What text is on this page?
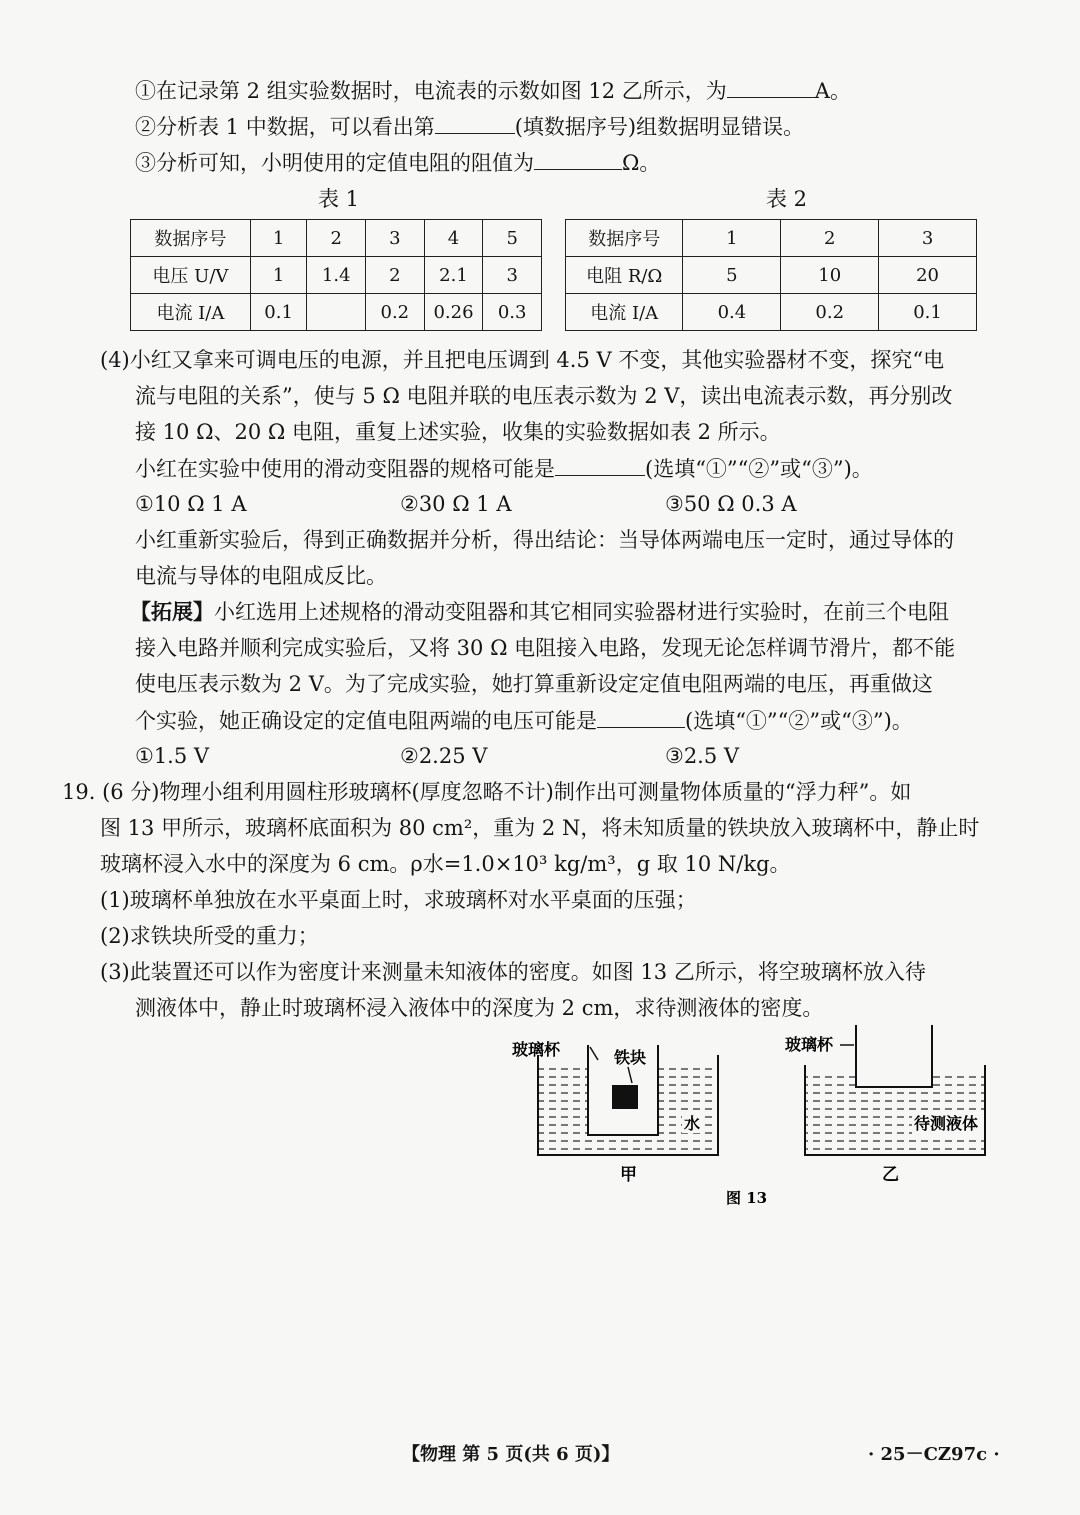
①在记录第 2 组实验数据时，电流表的示数如图 12 乙所示，为	A。
②分析表 1 中数据，可以看出第	(填数据序号)组数据明显错误。
③分析可知，小明使用的定值电阻的阻值为	Ω。
表 1	表 2
数据序号	1	2	3	4	5
电压 U/V	1	1.4	2	2.1	3
电流 I/A	0.1		0.2	0.26	0.3
数据序号	1	2	3
电阻 R/Ω	5	10	20
电流 I/A	0.4	0.2	0.1
(4)小红又拿来可调电压的电源，并且把电压调到 4.5 V 不变，其他实验器材不变，探究“电
流与电阻的关系”，使与 5 Ω 电阻并联的电压表示数为 2 V，读出电流表示数，再分别改
接 10 Ω、20 Ω 电阻，重复上述实验，收集的实验数据如表 2 所示。
小红在实验中使用的滑动变阻器的规格可能是	(选填“①”“②”或“③”)。
①10 Ω 1 A	②30 Ω 1 A	③50 Ω 0.3 A
小红重新实验后，得到正确数据并分析，得出结论：当导体两端电压一定时，通过导体的
电流与导体的电阻成反比。
【拓展】小红选用上述规格的滑动变阻器和其它相同实验器材进行实验时，在前三个电阻
接入电路并顺利完成实验后，又将 30 Ω 电阻接入电路，发现无论怎样调节滑片，都不能
使电压表示数为 2 V。为了完成实验，她打算重新设定定值电阻两端的电压，再重做这
个实验，她正确设定的定值电阻两端的电压可能是	(选填“①”“②”或“③”)。
①1.5 V	②2.25 V	③2.5 V
19. (6 分)物理小组利用圆柱形玻璃杯(厚度忽略不计)制作出可测量物体质量的“浮力秤”。如
图 13 甲所示，玻璃杯底面积为 80 cm²，重为 2 N，将未知质量的铁块放入玻璃杯中，静止时
玻璃杯浸入水中的深度为 6 cm。ρ水=1.0×10³ kg/m³，g 取 10 N/kg。
(1)玻璃杯单独放在水平桌面上时，求玻璃杯对水平桌面的压强；
(2)求铁块所受的重力；
(3)此装置还可以作为密度计来测量未知液体的密度。如图 13 乙所示，将空玻璃杯放入待
测液体中，静止时玻璃杯浸入液体中的深度为 2 cm，求待测液体的密度。
玻璃杯	铁块
水
甲
玻璃杯
待测液体
乙
图 13
【物理 第 5 页(共 6 页)】	· 25－CZ97c ·
